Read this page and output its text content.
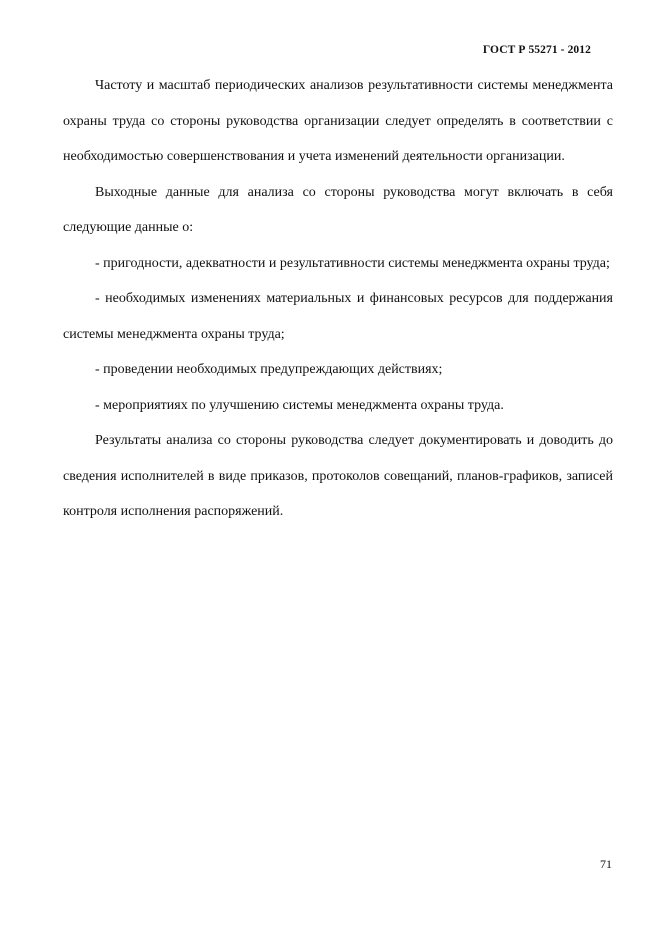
ГОСТ Р 55271 - 2012

Частоту и масштаб периодических анализов результативности системы менеджмента охраны труда со стороны руководства организации следует определять в соответствии с необходимостью совершенствования и учета изменений деятельности организации.

Выходные данные для анализа со стороны руководства могут включать в себя следующие данные о:

- пригодности, адекватности и результативности системы менеджмента охраны труда;

- необходимых изменениях материальных и финансовых ресурсов для поддержания системы менеджмента охраны труда;

- проведении необходимых предупреждающих действиях;

- мероприятиях по улучшению системы менеджмента охраны труда.

Результаты анализа со стороны руководства следует документировать и доводить до сведения исполнителей в виде приказов, протоколов совещаний, планов-графиков, записей контроля исполнения распоряжений.

71
